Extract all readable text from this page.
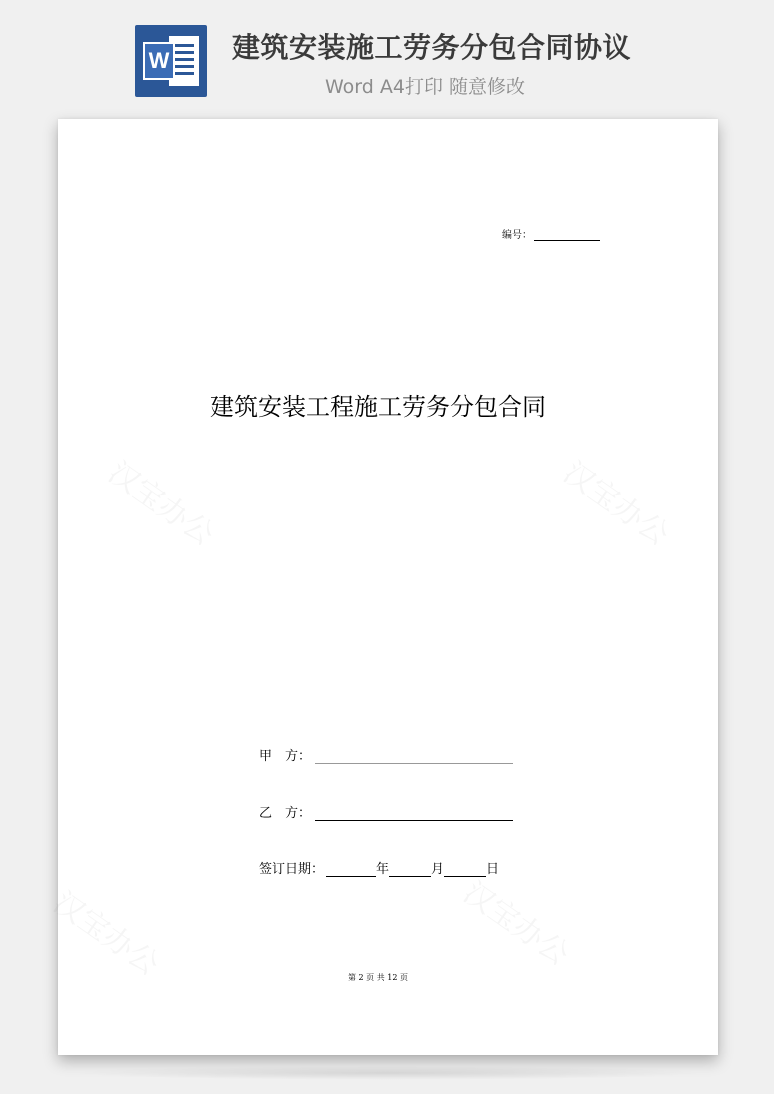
W 建筑安装施工劳务分包合同协议
Word A4打印 随意修改
汉宝办公	汉宝办公
汉宝办公	汉宝办公
编号：
建筑安装工程施工劳务分包合同
甲　方：
乙　方：
签订日期：	年	月	日
第 2 页 共 12 页
